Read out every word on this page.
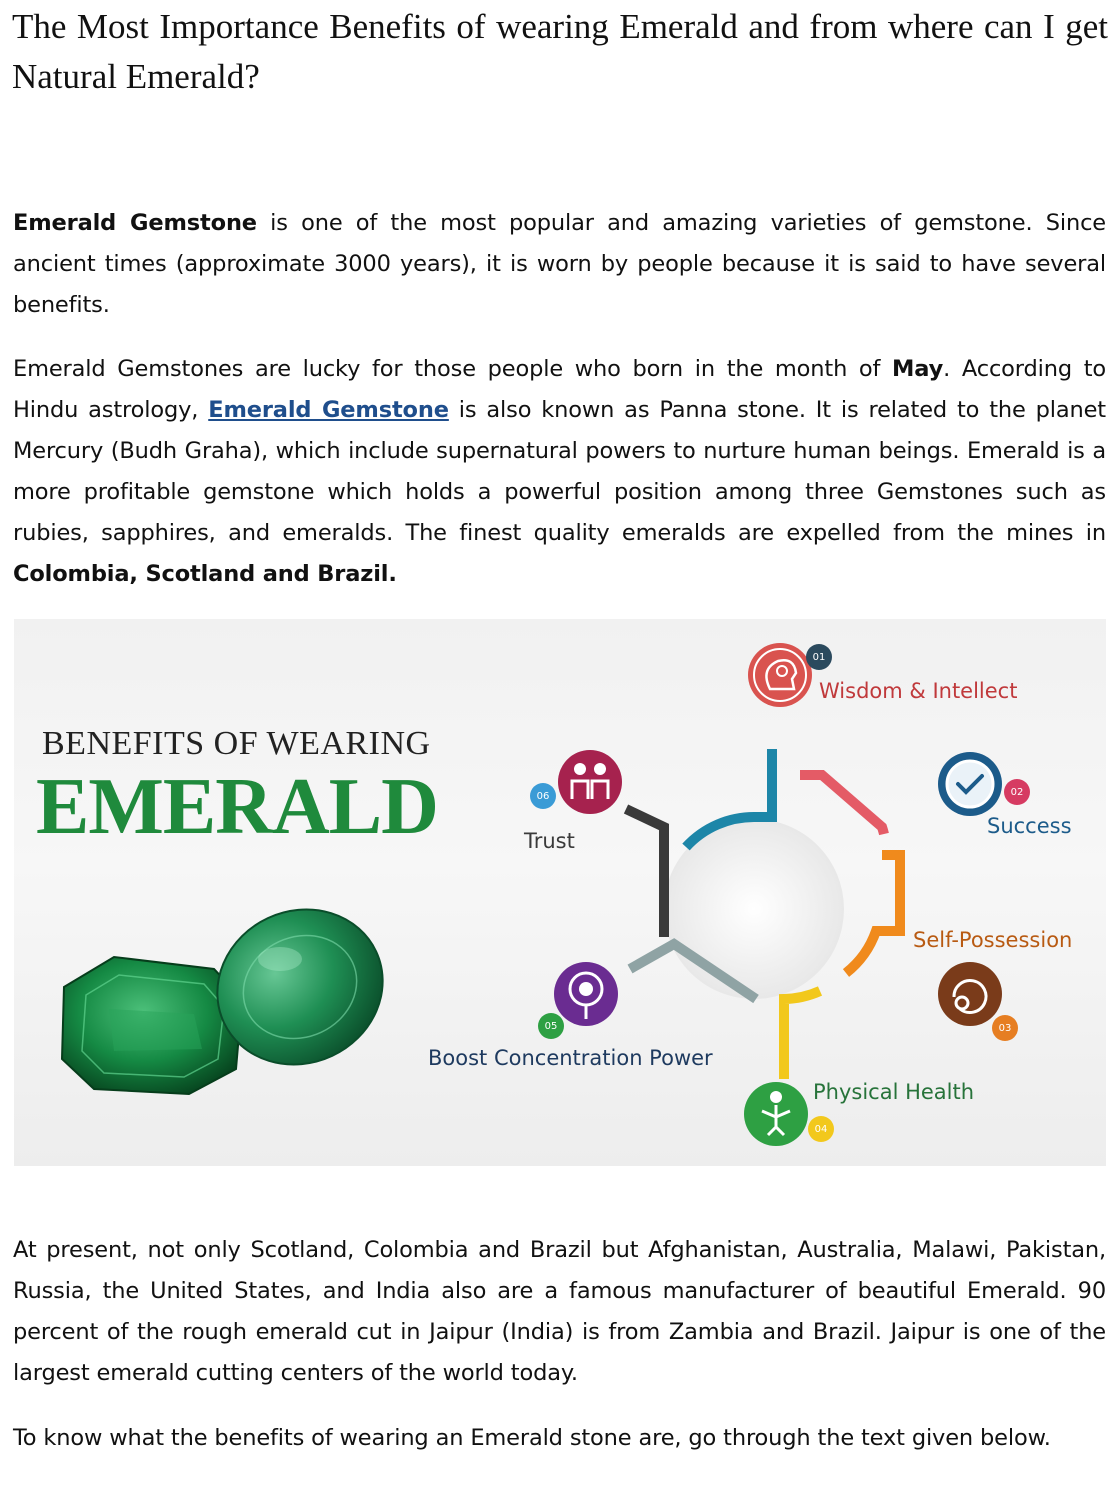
The Most Importance Benefits of wearing Emerald and from where can I get Natural Emerald?

Emerald Gemstone is one of the most popular and amazing varieties of gemstone. Since ancient times (approximate 3000 years), it is worn by people because it is said to have several benefits.

Emerald Gemstones are lucky for those people who born in the month of May. According to Hindu astrology, Emerald Gemstone is also known as Panna stone. It is related to the planet Mercury (Budh Graha), which include supernatural powers to nurture human beings. Emerald is a more profitable gemstone which holds a powerful position among three Gemstones such as rubies, sapphires, and emeralds. The finest quality emeralds are expelled from the mines in Colombia, Scotland and Brazil.

BENEFITS OF WEARING
EMERALD
01
Wisdom & Intellect
02
Success
03
Self-Possession
04
Physical Health
05
Boost Concentration Power
06
Trust

At present, not only Scotland, Colombia and Brazil but Afghanistan, Australia, Malawi, Pakistan, Russia, the United States, and India also are a famous manufacturer of beautiful Emerald. 90 percent of the rough emerald cut in Jaipur (India) is from Zambia and Brazil. Jaipur is one of the largest emerald cutting centers of the world today.

To know what the benefits of wearing an Emerald stone are, go through the text given below.
